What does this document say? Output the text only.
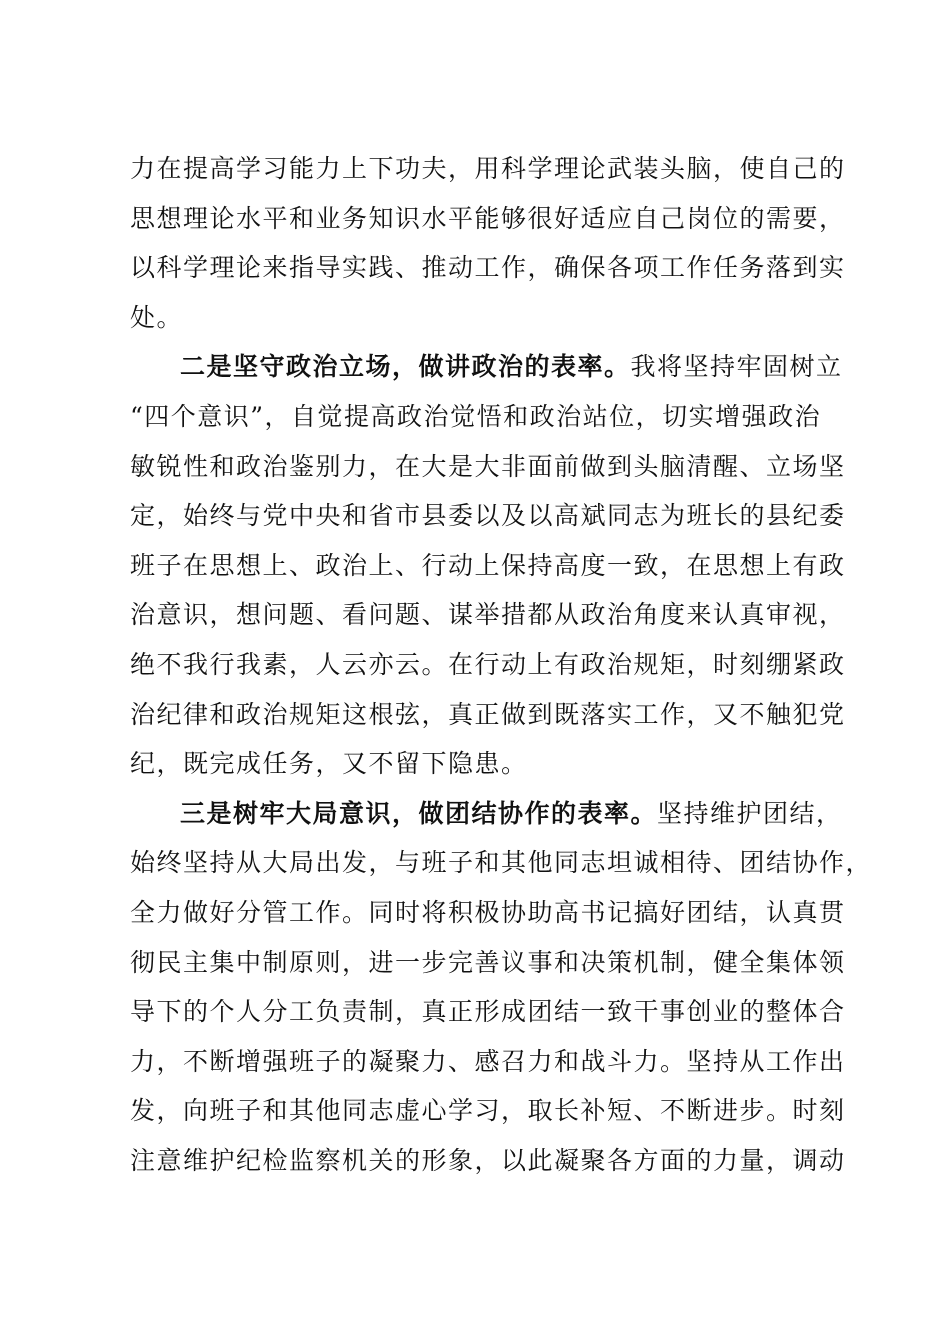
力在提高学习能力上下功夫，用科学理论武装头脑，使自己的
思想理论水平和业务知识水平能够很好适应自己岗位的需要，
以科学理论来指导实践、推动工作，确保各项工作任务落到实
处。
二是坚守政治立场，做讲政治的表率。我将坚持牢固树立
“四个意识”，自觉提高政治觉悟和政治站位，切实增强政治
敏锐性和政治鉴别力，在大是大非面前做到头脑清醒、立场坚
定，始终与党中央和省市县委以及以高斌同志为班长的县纪委
班子在思想上、政治上、行动上保持高度一致，在思想上有政
治意识，想问题、看问题、谋举措都从政治角度来认真审视，
绝不我行我素，人云亦云。在行动上有政治规矩，时刻绷紧政
治纪律和政治规矩这根弦，真正做到既落实工作，又不触犯党
纪，既完成任务，又不留下隐患。
三是树牢大局意识，做团结协作的表率。坚持维护团结，
始终坚持从大局出发，与班子和其他同志坦诚相待、团结协作，
全力做好分管工作。同时将积极协助高书记搞好团结，认真贯
彻民主集中制原则，进一步完善议事和决策机制，健全集体领
导下的个人分工负责制，真正形成团结一致干事创业的整体合
力，不断增强班子的凝聚力、感召力和战斗力。坚持从工作出
发，向班子和其他同志虚心学习，取长补短、不断进步。时刻
注意维护纪检监察机关的形象，以此凝聚各方面的力量，调动
